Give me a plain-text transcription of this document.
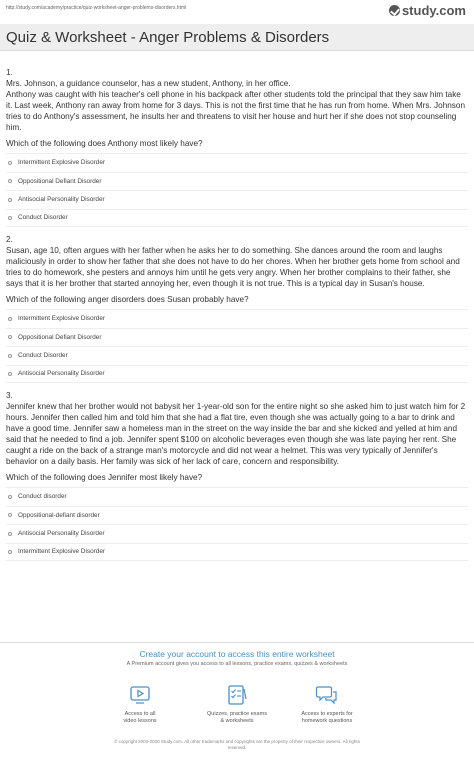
http://study.com/academy/practice/quiz-worksheet-anger-problems-disorders.html	study.com
Quiz & Worksheet - Anger Problems & Disorders
1.
Mrs. Johnson, a guidance counselor, has a new student, Anthony, in her office.
Anthony was caught with his teacher's cell phone in his backpack after other students told the principal that they saw him take it. Last week, Anthony ran away from home for 3 days. This is not the first time that he has run from home. When Mrs. Johnson tries to do Anthony's assessment, he insults her and threatens to visit her house and hurt her if she does not stop counseling him.
Which of the following does Anthony most likely have?
Intermittent Explosive Disorder
Oppositional Defiant Disorder
Antisocial Personality Disorder
Conduct Disorder
2.
Susan, age 10, often argues with her father when he asks her to do something. She dances around the room and laughs maliciously in order to show her father that she does not have to do her chores. When her brother gets home from school and tries to do homework, she pesters and annoys him until he gets very angry. When her brother complains to their father, she says that it is her brother that started annoying her, even though it is not true. This is a typical day in Susan's house.
Which of the following anger disorders does Susan probably have?
Intermittent Explosive Disorder
Oppositional Defiant Disorder
Conduct Disorder
Antisocial Personality Disorder
3.
Jennifer knew that her brother would not babysit her 1-year-old son for the entire night so she asked him to just watch him for 2 hours. Jennifer then called him and told him that she had a flat tire, even though she was actually going to a bar to drink and have a good time. Jennifer saw a homeless man in the street on the way inside the bar and she kicked and yelled at him and said that he needed to find a job. Jennifer spent $100 on alcoholic beverages even though she was late paying her rent. She caught a ride on the back of a strange man's motorcycle and did not wear a helmet. This was very typically of Jennifer's behavior on a daily basis. Her family was sick of her lack of care, concern and responsibility.
Which of the following does Jennifer most likely have?
Conduct disorder
Oppositional-defiant disorder
Antisocial Personality Disorder
Intermittent Explosive Disorder
Create your account to access this entire worksheet
A Premium account gives you access to all lessons, practice exams, quizzes & worksheets
Access to all
video lessons
Quizzes, practice exams
& worksheets
Access to experts for
homework questions
© copyright 2003-2020 Study.com. All other trademarks and copyrights are the property of their respective owners. All rights
reserved.
